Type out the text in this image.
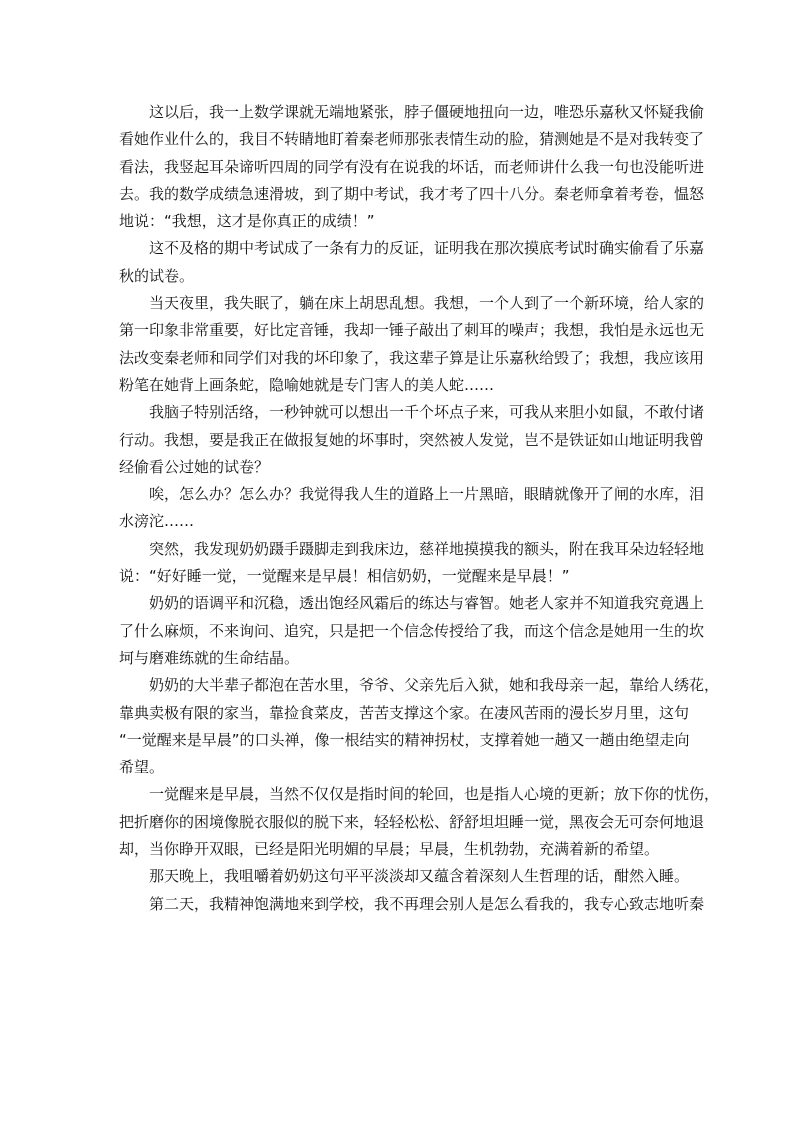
这以后，我一上数学课就无端地紧张，脖子僵硬地扭向一边，唯恐乐嘉秋又怀疑我偷
看她作业什么的，我目不转睛地盯着秦老师那张表情生动的脸，猜测她是不是对我转变了
看法，我竖起耳朵谛听四周的同学有没有在说我的坏话，而老师讲什么我一句也没能听进
去。我的数学成绩急速滑坡，到了期中考试，我才考了四十八分。秦老师拿着考卷，愠怒
地说：“我想，这才是你真正的成绩！”

这不及格的期中考试成了一条有力的反证，证明我在那次摸底考试时确实偷看了乐嘉
秋的试卷。

当天夜里，我失眠了，躺在床上胡思乱想。我想，一个人到了一个新环境，给人家的
第一印象非常重要，好比定音锤，我却一锤子敲出了刺耳的噪声；我想，我怕是永远也无
法改变秦老师和同学们对我的坏印象了，我这辈子算是让乐嘉秋给毁了；我想，我应该用
粉笔在她背上画条蛇，隐喻她就是专门害人的美人蛇……

我脑子特别活络，一秒钟就可以想出一千个坏点子来，可我从来胆小如鼠，不敢付诸
行动。我想，要是我正在做报复她的坏事时，突然被人发觉，岂不是铁证如山地证明我曾
经偷看公过她的试卷？

唉，怎么办？怎么办？我觉得我人生的道路上一片黑暗，眼睛就像开了闸的水库，泪
水滂沱……

突然，我发现奶奶蹑手蹑脚走到我床边，慈祥地摸摸我的额头，附在我耳朵边轻轻地
说：“好好睡一觉，一觉醒来是早晨！相信奶奶，一觉醒来是早晨！”

奶奶的语调平和沉稳，透出饱经风霜后的练达与睿智。她老人家并不知道我究竟遇上
了什么麻烦，不来询问、追究，只是把一个信念传授给了我，而这个信念是她用一生的坎
坷与磨难练就的生命结晶。

奶奶的大半辈子都泡在苦水里，爷爷、父亲先后入狱，她和我母亲一起，靠给人绣花，
靠典卖极有限的家当，靠捡食菜皮，苦苦支撑这个家。在凄风苦雨的漫长岁月里，这句
“一觉醒来是早晨”的口头禅，像一根结实的精神拐杖，支撑着她一趟又一趟由绝望走向
希望。

一觉醒来是早晨，当然不仅仅是指时间的轮回，也是指人心境的更新；放下你的忧伤，
把折磨你的困境像脱衣服似的脱下来，轻轻松松、舒舒坦坦睡一觉，黑夜会无可奈何地退
却，当你睁开双眼，已经是阳光明媚的早晨；早晨，生机勃勃，充满着新的希望。

那天晚上，我咀嚼着奶奶这句平平淡淡却又蕴含着深刻人生哲理的话，酣然入睡。

第二天，我精神饱满地来到学校，我不再理会别人是怎么看我的，我专心致志地听秦
